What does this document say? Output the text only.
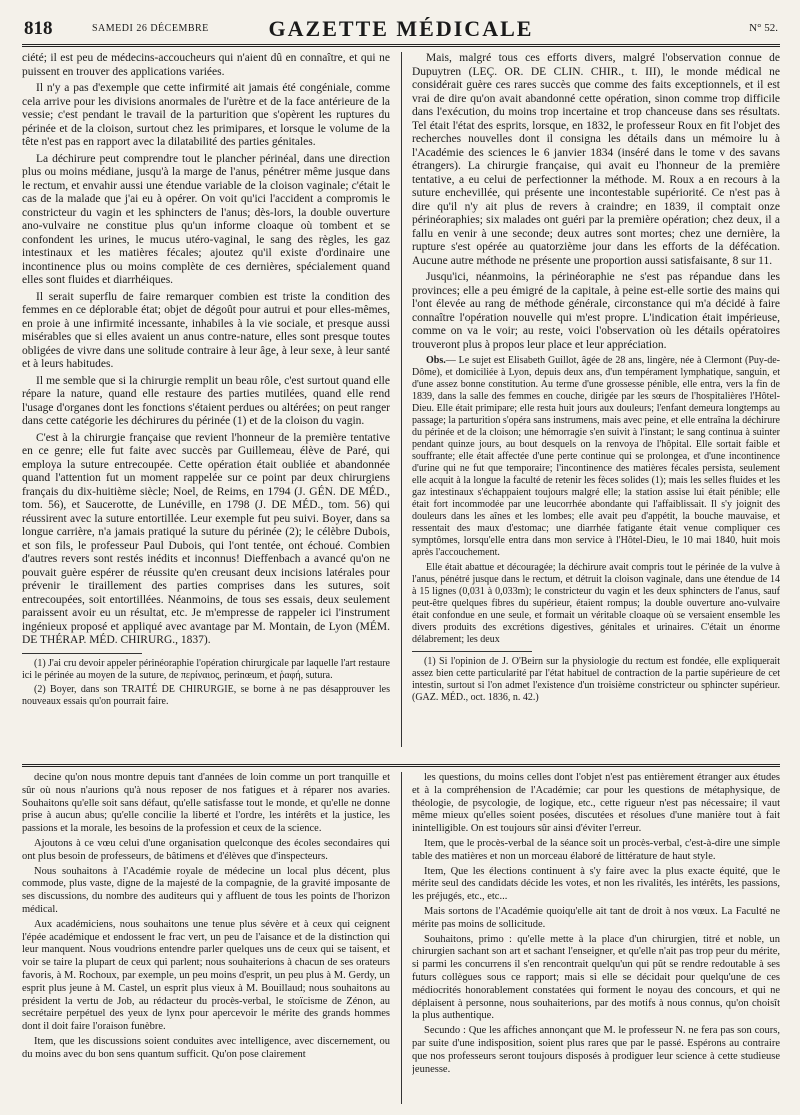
818	SAMEDI 26 DÉCEMBRE	GAZETTE MÉDICALE	N° 52.

ciété; il est peu de médecins-accoucheurs qui n'aient dû en connaître, et qui ne puissent en trouver des applications variées.

Il n'y a pas d'exemple que cette infirmité ait jamais été congéniale, comme cela arrive pour les divisions anormales de l'urètre et de la face antérieure de la vessie; c'est pendant le travail de la parturition que s'opèrent les ruptures du périnée et de la cloison, surtout chez les primipares, et lorsque le volume de la tête n'est pas en rapport avec la dilatabilité des parties génitales.

La déchirure peut comprendre tout le plancher périnéal, dans une direction plus ou moins médiane, jusqu'à la marge de l'anus, pénétrer même jusque dans le rectum, et envahir aussi une étendue variable de la cloison vaginale; c'était le cas de la malade que j'ai eu à opérer. On voit qu'ici l'accident a compromis le constricteur du vagin et les sphincters de l'anus; dès-lors, la double ouverture ano-vulvaire ne constitue plus qu'un informe cloaque où tombent et se confondent les urines, le mucus utéro-vaginal, le sang des règles, les gaz intestinaux et les matières fécales; ajoutez qu'il existe d'ordinaire une incontinence plus ou moins complète de ces dernières, spécialement quand elles sont fluides et diarrhéiques.

Il serait superflu de faire remarquer combien est triste la condition des femmes en ce déplorable état; objet de dégoût pour autrui et pour elles-mêmes, en proie à une infirmité incessante, inhabiles à la vie sociale, et presque aussi misérables que si elles avaient un anus contre-nature, elles sont presque toutes obligées de vivre dans une solitude contraire à leur âge, à leur sexe, à leur santé et à leurs habitudes.

Il me semble que si la chirurgie remplit un beau rôle, c'est surtout quand elle répare la nature, quand elle restaure des parties mutilées, quand elle rend l'usage d'organes dont les fonctions s'étaient perdues ou altérées; on peut ranger dans cette catégorie les déchirures du périnée (1) et de la cloison du vagin.

C'est à la chirurgie française que revient l'honneur de la première tentative en ce genre; elle fut faite avec succès par Guillemeau, élève de Paré, qui employa la suture entrecoupée. Cette opération était oubliée et abandonnée quand l'attention fut un moment rappelée sur ce point par deux chirurgiens français du dix-huitième siècle; Noel, de Reims, en 1794 (J. GÉN. DE MÉD., tom. 56), et Saucerotte, de Lunéville, en 1798 (J. DE MÉD., tom. 56) qui réussirent avec la suture entortillée. Leur exemple fut peu suivi. Boyer, dans sa longue carrière, n'a jamais pratiqué la suture du périnée (2); le célèbre Dubois, et son fils, le professeur Paul Dubois, qui l'ont tentée, ont échoué. Combien d'autres revers sont restés inédits et inconnus! Dieffenbach a avancé qu'on ne pouvait guère espérer de réussite qu'en creusant deux incisions latérales pour prévenir le tiraillement des parties comprises dans les sutures, soit entrecoupées, soit entortillées. Néanmoins, de tous ses essais, deux seulement paraissent avoir eu un résultat, etc. Je m'empresse de rappeler ici l'instrument ingénieux proposé et appliqué avec avantage par M. Montain, de Lyon (MÉM. DE THÉRAP. MÉD. CHIRURG., 1837).

(1) J'ai cru devoir appeler périnéoraphie l'opération chirurgicale par laquelle l'art restaure ici le périnée au moyen de la suture, de περίναιος, perinœum, et ῥαφή, sutura.

(2) Boyer, dans son TRAITÉ DE CHIRURGIE, se borne à ne pas désapprouver les nouveaux essais qu'on pourrait faire.

Mais, malgré tous ces efforts divers, malgré l'observation connue de Dupuytren (LEÇ. OR. DE CLIN. CHIR., t. III), le monde médical ne considérait guère ces rares succès que comme des faits exceptionnels, et il est vrai de dire qu'on avait abandonné cette opération, sinon comme trop difficile dans l'exécution, du moins trop incertaine et trop chanceuse dans ses résultats. Tel était l'état des esprits, lorsque, en 1832, le professeur Roux en fit l'objet des recherches nouvelles dont il consigna les détails dans un mémoire lu à l'Académie des sciences le 6 janvier 1834 (inséré dans le tome v des savans étrangers). La chirurgie française, qui avait eu l'honneur de la première tentative, a eu celui de perfectionner la méthode. M. Roux a en recours à la suture enchevillée, qui présente une incontestable supériorité. Ce n'est pas à dire qu'il n'y ait plus de revers à craindre; en 1839, il comptait onze périnéoraphies; six malades ont guéri par la première opération; chez deux, il a fallu en venir à une seconde; deux autres sont mortes; chez une dernière, la rupture s'est opérée au quatorzième jour dans les efforts de la défécation. Aucune autre méthode ne présente une proportion aussi satisfaisante, 8 sur 11.

Jusqu'ici, néanmoins, la périnéoraphie ne s'est pas répandue dans les provinces; elle a peu émigré de la capitale, à peine est-elle sortie des mains qui l'ont élevée au rang de méthode générale, circonstance qui m'a décidé à faire connaître l'opération nouvelle qui m'est propre. L'indication était impérieuse, comme on va le voir; au reste, voici l'observation où les détails opératoires trouveront plus à propos leur place et leur appréciation.

Obs.— Le sujet est Elisabeth Guillot, âgée de 28 ans, lingère, née à Clermont (Puy-de-Dôme), et domiciliée à Lyon, depuis deux ans, d'un tempérament lymphatique, sanguin, et d'une assez bonne constitution. Au terme d'une grossesse pénible, elle entra, vers la fin de 1839, dans la salle des femmes en couche, dirigée par les sœurs de l'hospitalières l'Hôtel-Dieu. Elle était primipare; elle resta huit jours aux douleurs; l'enfant demeura longtemps au passage; la parturition s'opéra sans instrumens, mais avec peine, et elle entraîna la déchirure du périnée et de la cloison; une hémorragie s'en suivit à l'instant; le sang continua à suinter pendant quinze jours, au bout desquels on la renvoya de l'hôpital. Elle sortait faible et souffrante; elle était affectée d'une perte continue qui se prolongea, et d'une incontinence d'urine qui ne fut que temporaire; l'incontinence des matières fécales persista, seulement elle acquit à la longue la faculté de retenir les fèces solides (1); mais les selles fluides et les gaz intestinaux s'échappaient toujours malgré elle; la station assise lui était pénible; elle était fort incommodée par une leucorrhée abondante qui l'affaiblissait. Il s'y joignit des douleurs dans les aînes et les lombes; elle avait peu d'appétit, la bouche mauvaise, et ressentait des maux d'estomac; une diarrhée fatigante était venue compliquer ces symptômes, lorsqu'elle entra dans mon service à l'Hôtel-Dieu, le 10 mai 1840, huit mois après l'accouchement.

Elle était abattue et découragée; la déchirure avait compris tout le périnée de la vulve à l'anus, pénétré jusque dans le rectum, et détruit la cloison vaginale, dans une étendue de 14 à 15 lignes (0,031 à 0,033m); le constricteur du vagin et les deux sphincters de l'anus, sauf peut-être quelques fibres du supérieur, étaient rompus; la double ouverture ano-vulvaire était confondue en une seule, et formait un véritable cloaque où se versaient ensemble les divers produits des excrétions digestives, génitales et urinaires. C'était un énorme délabrement; les deux

(1) Si l'opinion de J. O'Beirn sur la physiologie du rectum est fondée, elle expliquerait assez bien cette particularité par l'état habituel de contraction de la partie supérieure de cet intestin, surtout si l'on admet l'existence d'un troisième constricteur ou sphincter supérieur. (GAZ. MÉD., oct. 1836, n. 42.)

decine qu'on nous montre depuis tant d'années de loin comme un port tranquille et sûr où nous n'aurions qu'à nous reposer de nos fatigues et à réparer nos avaries. Souhaitons qu'elle soit sans défaut, qu'elle satisfasse tout le monde, et qu'elle ne donne prise à aucun abus; qu'elle concilie la liberté et l'ordre, les intérêts et la justice, les passions et la morale, les besoins de la profession et ceux de la science.

Ajoutons à ce vœu celui d'une organisation quelconque des écoles secondaires qui ont plus besoin de professeurs, de bâtimens et d'élèves que d'inspecteurs.

Nous souhaitons à l'Académie royale de médecine un local plus décent, plus commode, plus vaste, digne de la majesté de la compagnie, de la gravité imposante de ses discussions, du nombre des auditeurs qui y affluent de tous les points de l'horizon médical.

Aux académiciens, nous souhaitons une tenue plus sévère et à ceux qui ceignent l'épée académique et endossent le frac vert, un peu de l'aisance et de la distinction qui leur manquent. Nous voudrions entendre parler quelques uns de ceux qui se taisent, et voir se taire la plupart de ceux qui parlent; nous souhaiterions à chacun de ses orateurs favoris, à M. Rochoux, par exemple, un peu moins d'esprit, un peu plus à M. Gerdy, un esprit plus jeune à M. Castel, un esprit plus vieux à M. Bouillaud; nous souhaitons au président la vertu de Job, au rédacteur du procès-verbal, le stoïcisme de Zénon, au secrétaire perpétuel des yeux de lynx pour apercevoir le mérite des grands hommes dont il doit faire l'oraison funèbre.

Item, que les discussions soient conduites avec intelligence, avec discernement, ou du moins avec du bon sens quantum sufficit. Qu'on pose clairement

les questions, du moins celles dont l'objet n'est pas entièrement étranger aux études et à la compréhension de l'Académie; car pour les questions de métaphysique, de théologie, de psycologie, de logique, etc., cette rigueur n'est pas nécessaire; il vaut même mieux qu'elles soient posées, discutées et résolues d'une manière tout à fait inintelligible. On est toujours sûr ainsi d'éviter l'erreur.

Item, que le procès-verbal de la séance soit un procès-verbal, c'est-à-dire une simple table des matières et non un morceau élaboré de littérature de haut style.

Item, Que les élections continuent à s'y faire avec la plus exacte équité, que le mérite seul des candidats décide les votes, et non les rivalités, les intérêts, les passions, les préjugés, etc., etc...

Mais sortons de l'Académie quoiqu'elle ait tant de droit à nos vœux. La Faculté ne mérite pas moins de sollicitude.

Souhaitons, primo : qu'elle mette à la place d'un chirurgien, titré et noble, un chirurgien sachant son art et sachant l'enseigner, et qu'elle n'ait pas trop peur du mérite, si parmi les concurrens il s'en rencontrait quelqu'un qui pût se rendre redoutable à ses futurs collègues sous ce rapport; mais si elle se décidait pour quelqu'une de ces médiocrités honorablement constatées qui forment le noyau des concours, et qui ne déplaisent à personne, nous souhaiterions, par des motifs à nous connus, qu'on choisît la plus authentique.

Secundo : Que les affiches annonçant que M. le professeur N. ne fera pas son cours, par suite d'une indisposition, soient plus rares que par le passé. Espérons au contraire que nos professeurs seront toujours disposés à prodiguer leur science à cette studieuse jeunesse.
